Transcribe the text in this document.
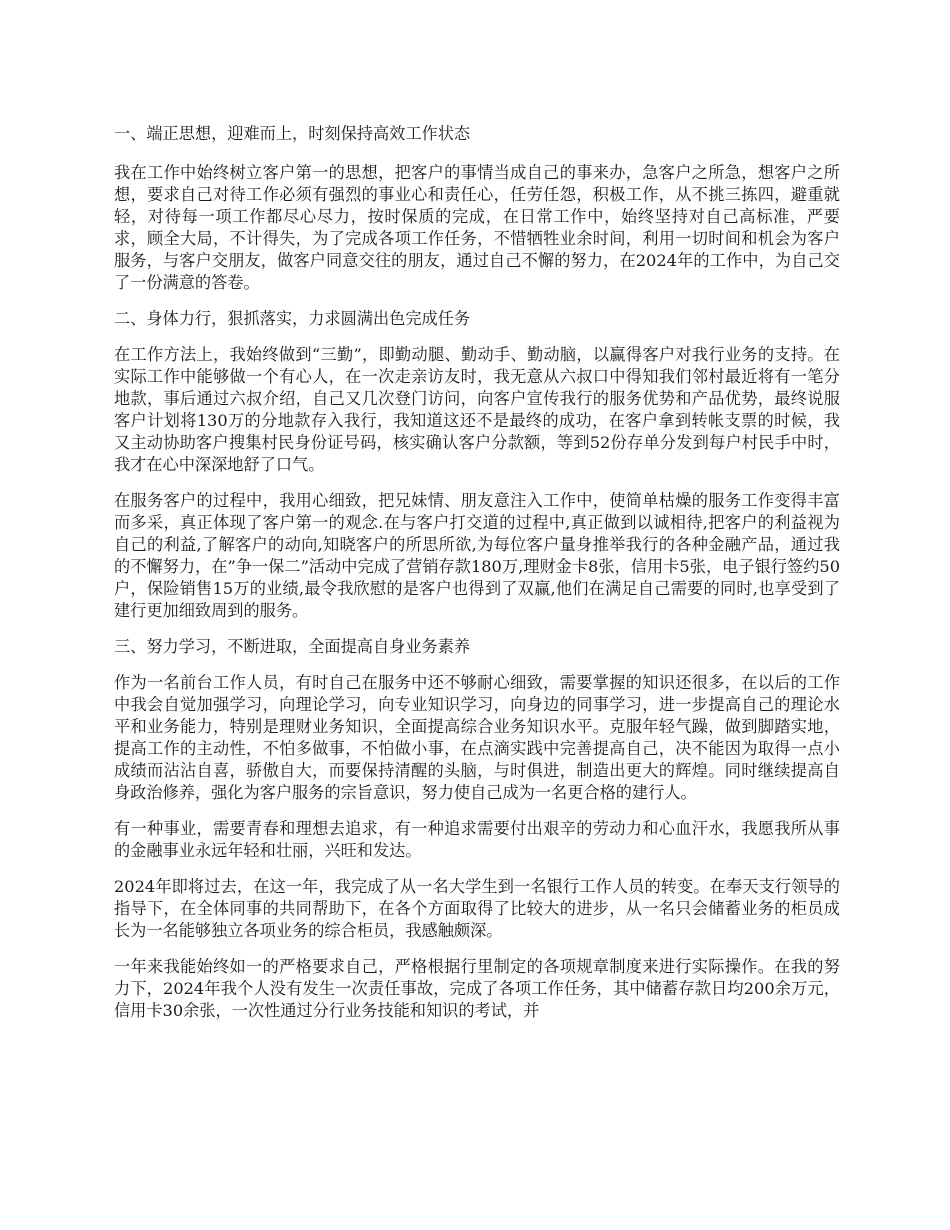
一、端正思想，迎难而上，时刻保持高效工作状态

我在工作中始终树立客户第一的思想，把客户的事情当成自己的事来办，急客户之所急，想客户之所想，要求自己对待工作必须有强烈的事业心和责任心，任劳任怨，积极工作，从不挑三拣四，避重就轻，对待每一项工作都尽心尽力，按时保质的完成，在日常工作中，始终坚持对自己高标准，严要求，顾全大局，不计得失，为了完成各项工作任务，不惜牺牲业余时间，利用一切时间和机会为客户服务，与客户交朋友，做客户同意交往的朋友，通过自己不懈的努力，在2024年的工作中，为自己交了一份满意的答卷。

二、身体力行，狠抓落实，力求圆满出色完成任务

在工作方法上，我始终做到“三勤”，即勤动腿、勤动手、勤动脑，以赢得客户对我行业务的支持。在实际工作中能够做一个有心人，在一次走亲访友时，我无意从六叔口中得知我们邻村最近将有一笔分地款，事后通过六叔介绍，自己又几次登门访问，向客户宣传我行的服务优势和产品优势，最终说服客户计划将130万的分地款存入我行，我知道这还不是最终的成功，在客户拿到转帐支票的时候，我又主动协助客户搜集村民身份证号码，核实确认客户分款额，等到52份存单分发到每户村民手中时，我才在心中深深地舒了口气。

在服务客户的过程中，我用心细致，把兄妹情、朋友意注入工作中，使简单枯燥的服务工作变得丰富而多采，真正体现了客户第一的观念.在与客户打交道的过程中,真正做到以诚相待,把客户的利益视为自己的利益,了解客户的动向,知晓客户的所思所欲,为每位客户量身推举我行的各种金融产品，通过我的不懈努力，在”争一保二”活动中完成了营销存款180万,理财金卡8张，信用卡5张，电子银行签约50户，保险销售15万的业绩,最令我欣慰的是客户也得到了双赢,他们在满足自己需要的同时,也享受到了建行更加细致周到的服务。

三、努力学习，不断进取，全面提高自身业务素养

作为一名前台工作人员，有时自己在服务中还不够耐心细致，需要掌握的知识还很多，在以后的工作中我会自觉加强学习，向理论学习，向专业知识学习，向身边的同事学习，进一步提高自己的理论水平和业务能力，特别是理财业务知识，全面提高综合业务知识水平。克服年轻气躁，做到脚踏实地，提高工作的主动性，不怕多做事，不怕做小事，在点滴实践中完善提高自己，决不能因为取得一点小成绩而沾沾自喜，骄傲自大，而要保持清醒的头脑，与时俱进，制造出更大的辉煌。同时继续提高自身政治修养，强化为客户服务的宗旨意识，努力使自己成为一名更合格的建行人。

有一种事业，需要青春和理想去追求，有一种追求需要付出艰辛的劳动力和心血汗水，我愿我所从事的金融事业永远年轻和壮丽，兴旺和发达。

2024年即将过去，在这一年，我完成了从一名大学生到一名银行工作人员的转变。在奉天支行领导的指导下，在全体同事的共同帮助下，在各个方面取得了比较大的进步，从一名只会储蓄业务的柜员成长为一名能够独立各项业务的综合柜员，我感触颇深。

一年来我能始终如一的严格要求自己，严格根据行里制定的各项规章制度来进行实际操作。在我的努力下，2024年我个人没有发生一次责任事故，完成了各项工作任务，其中储蓄存款日均200余万元，信用卡30余张，一次性通过分行业务技能和知识的考试，并
